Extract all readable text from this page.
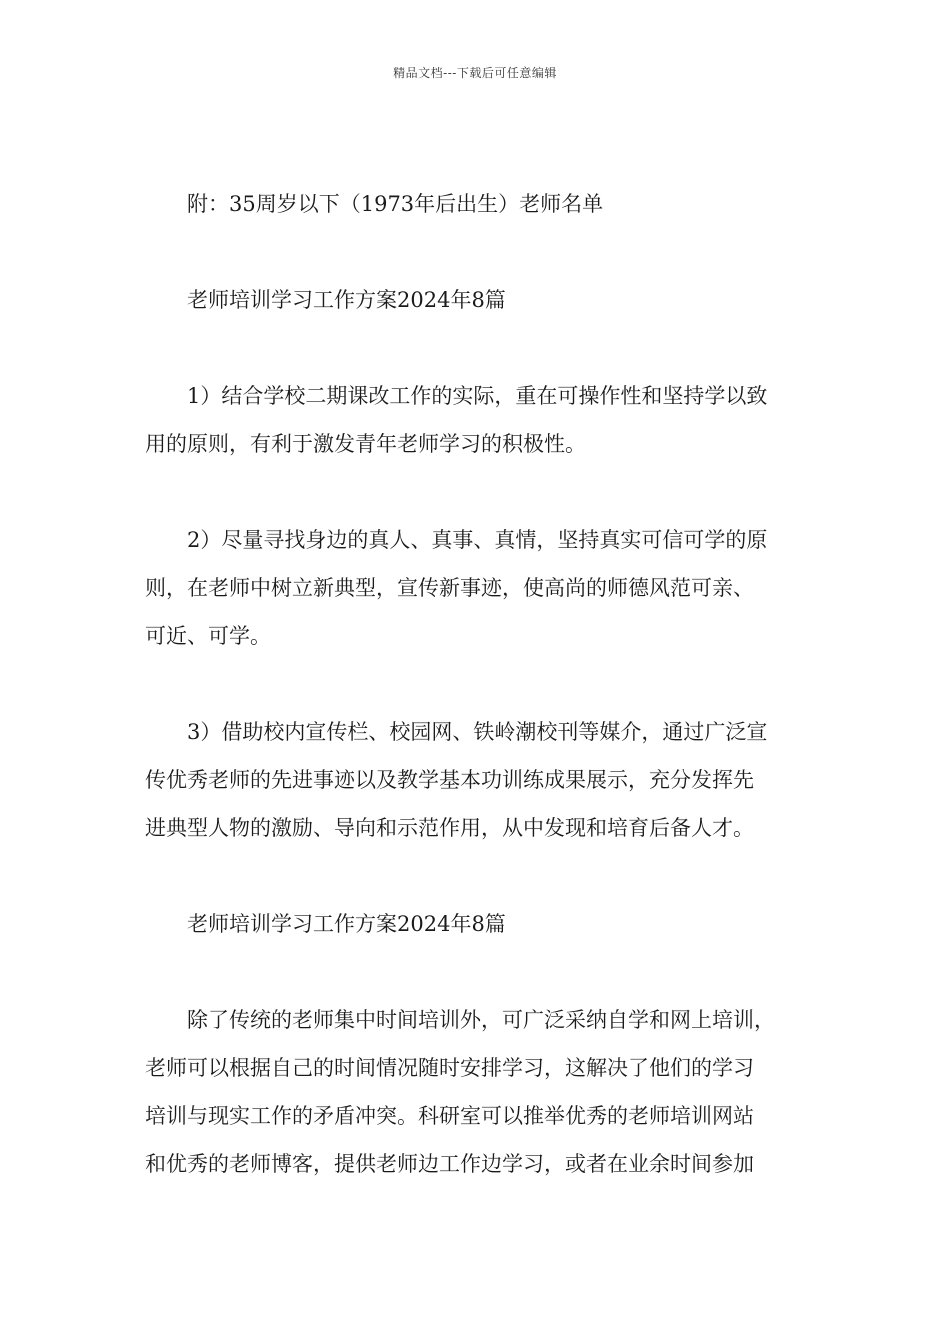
精品文档---下载后可任意编辑

附：35周岁以下（1973年后出生）老师名单

老师培训学习工作方案2024年8篇

1）结合学校二期课改工作的实际，重在可操作性和坚持学以致

用的原则，有利于激发青年老师学习的积极性。

2）尽量寻找身边的真人、真事、真情，坚持真实可信可学的原

则，在老师中树立新典型，宣传新事迹，使高尚的师德风范可亲、

可近、可学。

3）借助校内宣传栏、校园网、铁岭潮校刊等媒介，通过广泛宣

传优秀老师的先进事迹以及教学基本功训练成果展示，充分发挥先

进典型人物的激励、导向和示范作用，从中发现和培育后备人才。

老师培训学习工作方案2024年8篇

除了传统的老师集中时间培训外，可广泛采纳自学和网上培训，

老师可以根据自己的时间情况随时安排学习，这解决了他们的学习

培训与现实工作的矛盾冲突。科研室可以推举优秀的老师培训网站

和优秀的老师博客，提供老师边工作边学习，或者在业余时间参加
